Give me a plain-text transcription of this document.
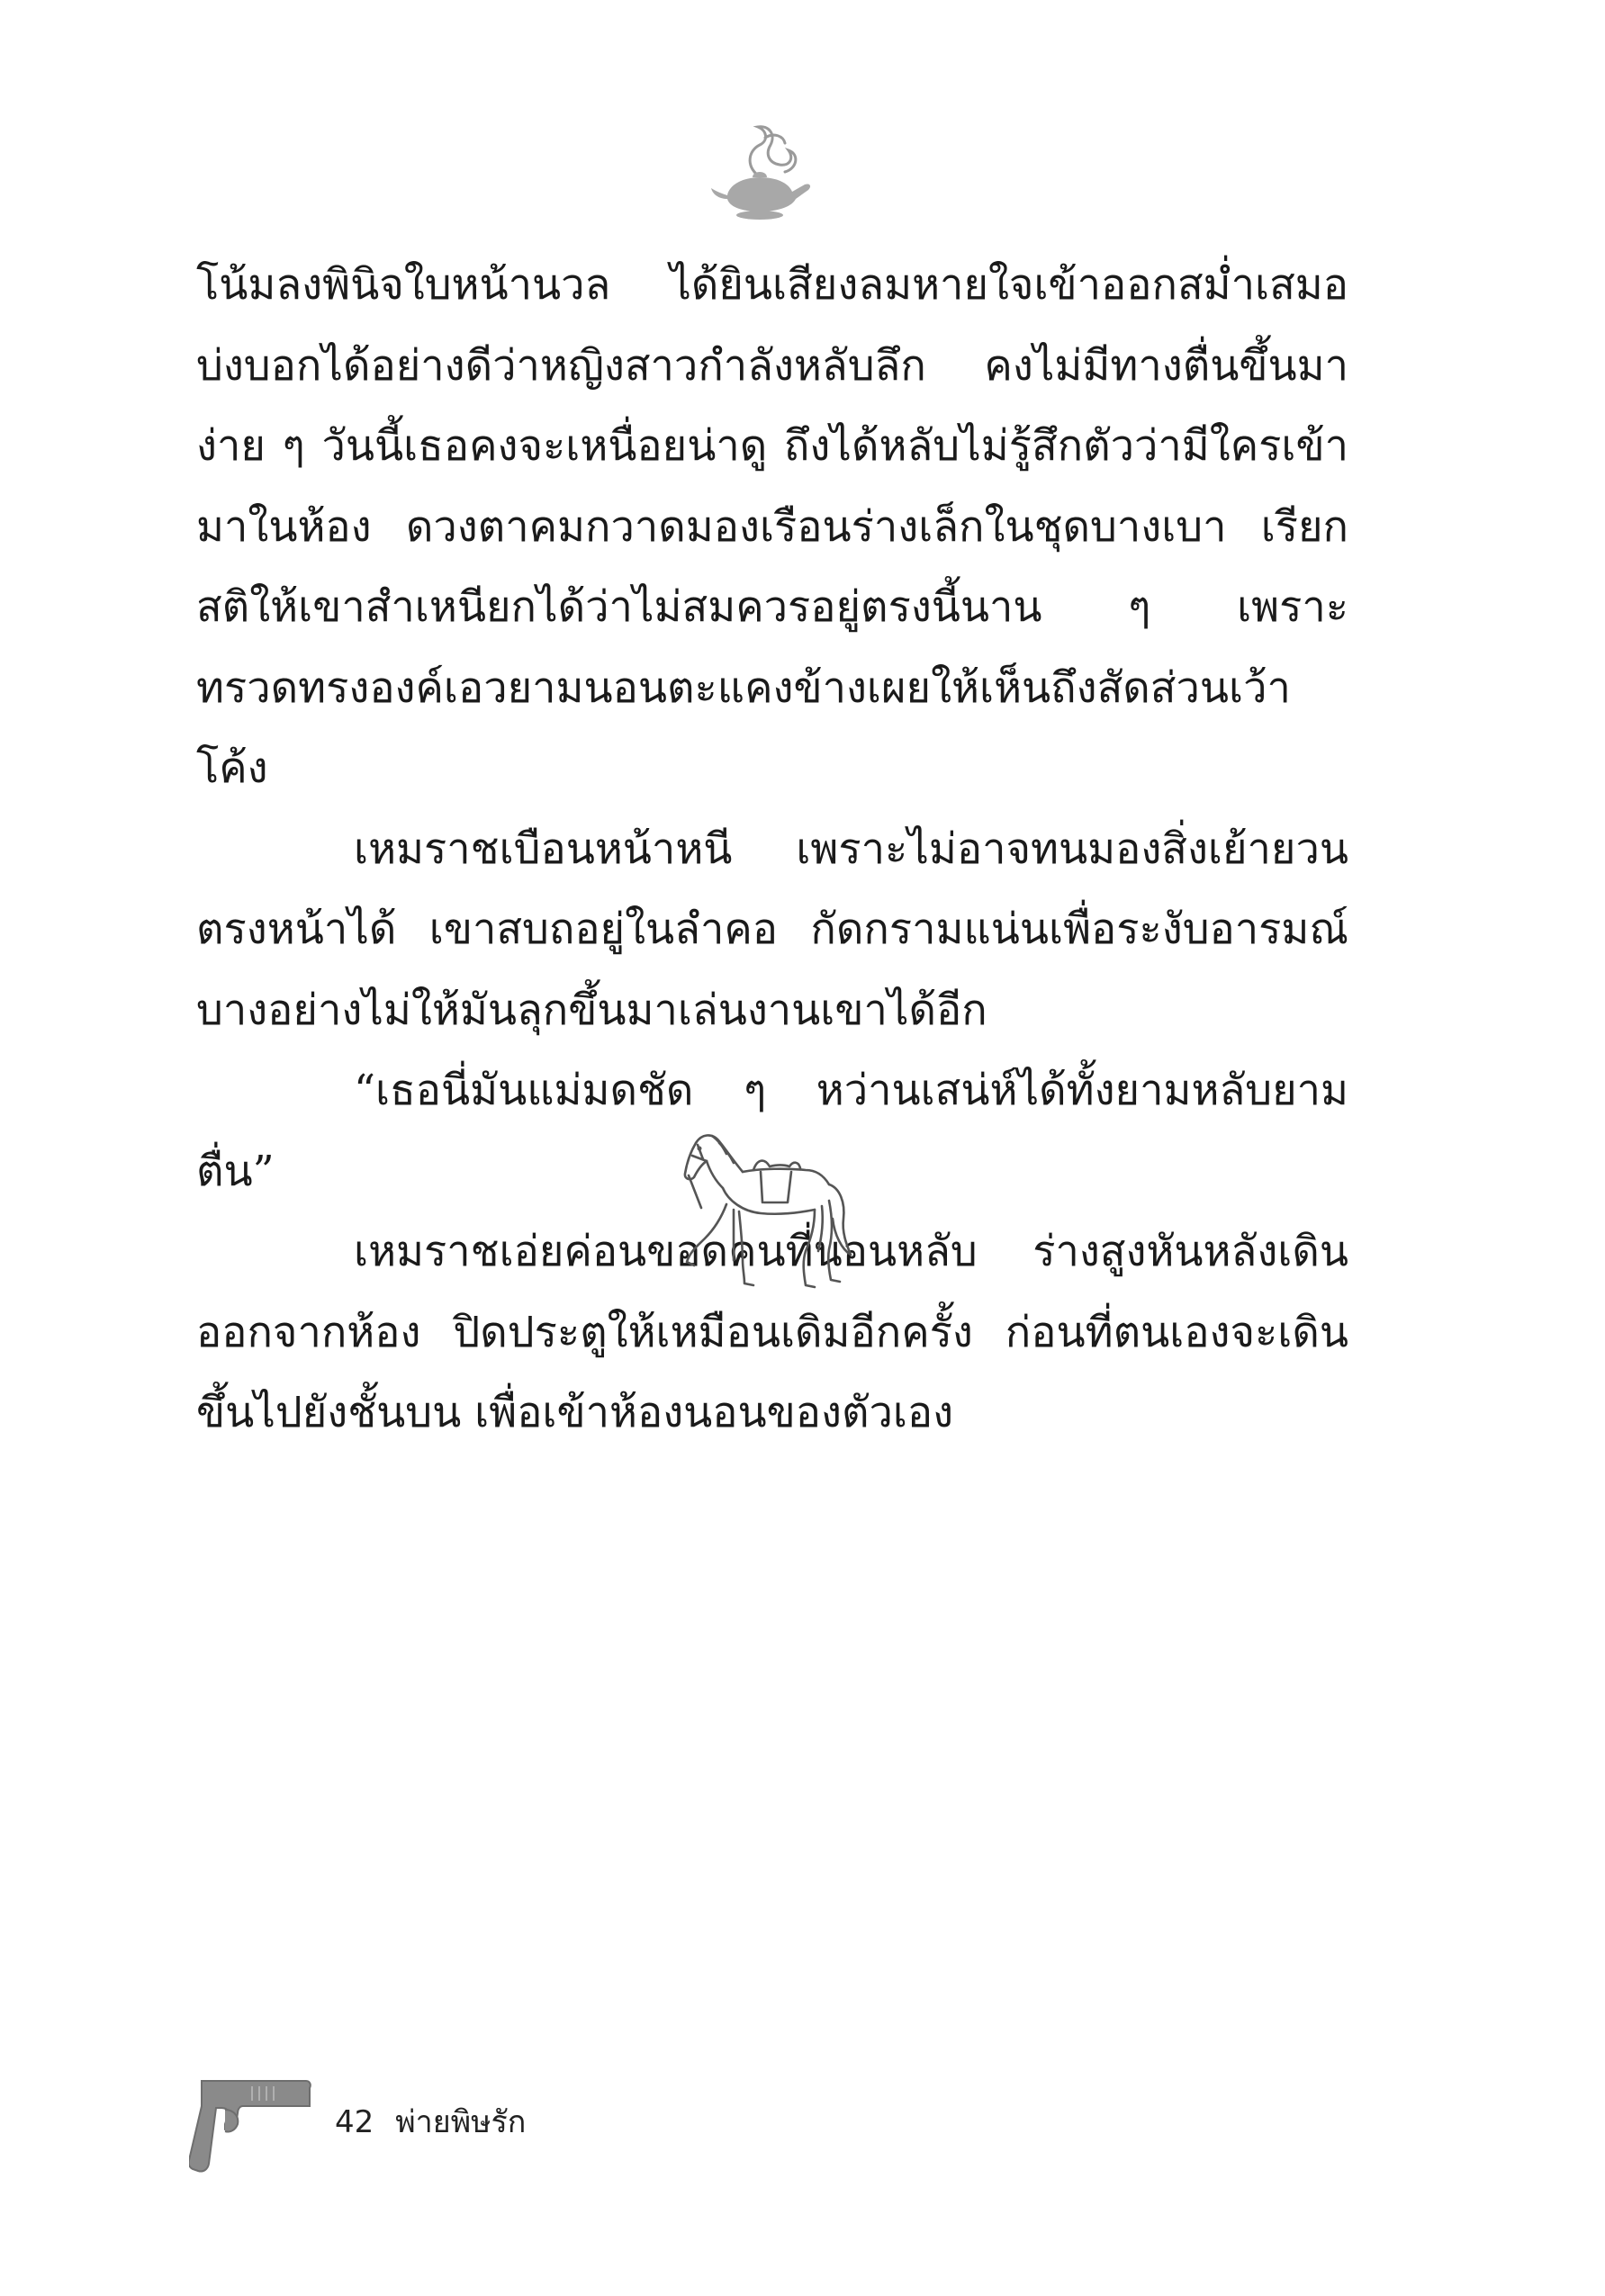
โน้มลงพินิจใบหน้านวล ได้ยินเสียงลมหายใจเข้าออกสม่ำเสมอ บ่งบอกได้อย่างดีว่าหญิงสาวกำลังหลับลึก คงไม่มีทางตื่นขึ้นมาง่าย ๆ วันนี้เธอคงจะเหนื่อยน่าดู ถึงได้หลับไม่รู้สึกตัวว่ามีใครเข้ามาในห้อง ดวงตาคมกวาดมองเรือนร่างเล็กในชุดบางเบา เรียกสติให้เขาสำเหนียกได้ว่าไม่สมควรอยู่ตรงนี้นาน ๆ เพราะทรวดทรงองค์เอวยามนอนตะแคงข้างเผยให้เห็นถึงสัดส่วนเว้าโค้ง

เหมราชเบือนหน้าหนี เพราะไม่อาจทนมองสิ่งเย้ายวนตรงหน้าได้ เขาสบถอยู่ในลำคอ กัดกรามแน่นเพื่อระงับอารมณ์บางอย่างไม่ให้มันลุกขึ้นมาเล่นงานเขาได้อีก

“เธอนี่มันแม่มดชัด ๆ หว่านเสน่ห์ได้ทั้งยามหลับยามตื่น”

เหมราชเอ่ยค่อนขอดคนที่นอนหลับ ร่างสูงหันหลังเดินออกจากห้อง ปิดประตูให้เหมือนเดิมอีกครั้ง ก่อนที่ตนเองจะเดินขึ้นไปยังชั้นบน เพื่อเข้าห้องนอนของตัวเอง

42 พ่ายพิษรัก
